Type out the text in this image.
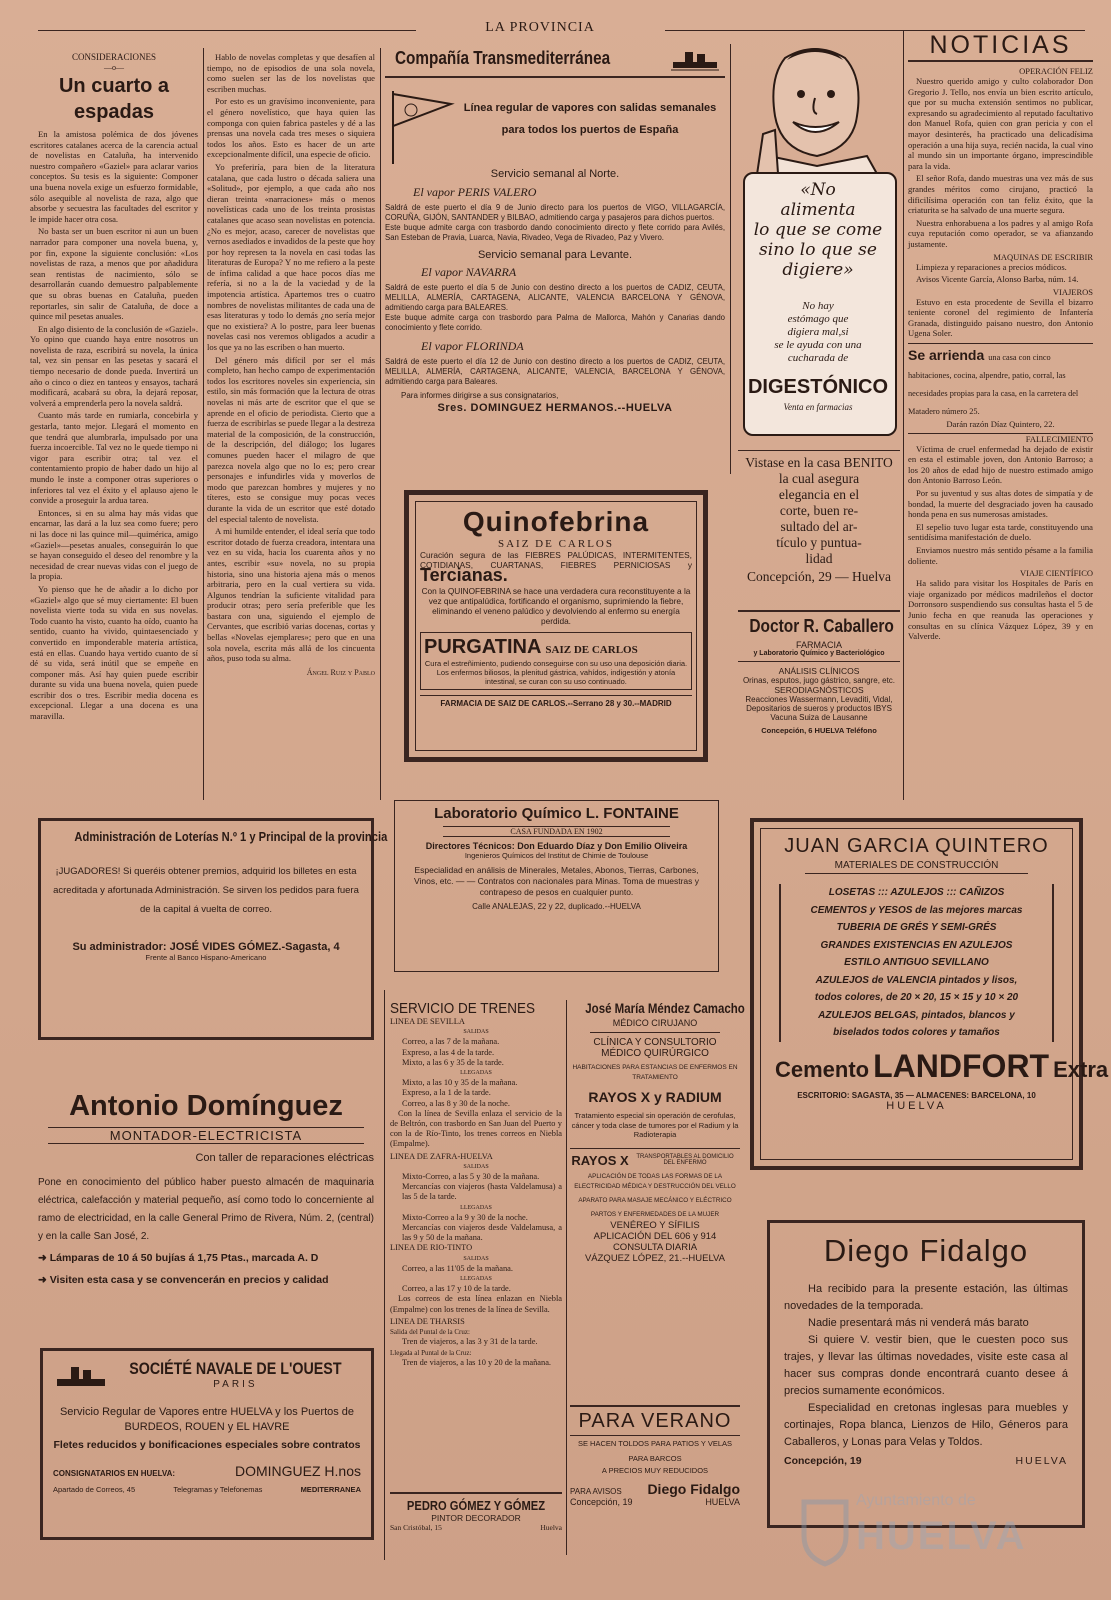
LA PROVINCIA
CONSIDERACIONES
—o—
Un cuarto a espadas

En la amistosa polémica de dos jóvenes escritores catalanes acerca de la carencia actual de novelistas en Cataluña, ha intervenido nuestro compañero «Gaziel» para aclarar varios conceptos. Su tesis es la siguiente: Componer una buena novela exige un esfuerzo formidable, sólo asequible al novelista de raza, algo que absorbe y secuestra las facultades del escritor y le impide hacer otra cosa.

No basta ser un buen escritor ni aun un buen narrador para componer una novela buena, y, por fin, expone la siguiente conclusión: «Los novelistas de raza, a menos que por añadidura sean rentistas de nacimiento, sólo se desarrollarán cuando demuestro palpablemente que su obras buenas en Cataluña, pueden reportarles, sin salir de Cataluña, de doce a quince mil pesetas anuales.

En algo disiento de la conclusión de «Gaziel». Yo opino que cuando haya entre nosotros un novelista de raza, escribirá su novela, la única tal, vez sin pensar en las pesetas y sacará el tiempo necesario de donde pueda. Invertirá un año o cinco o diez en tanteos y ensayos, tachará modificará, acabará su obra, la dejará reposar, volverá a emprenderla pero la novela saldrá.

Cuanto más tarde en rumiarla, concebirla y gestarla, tanto mejor. Llegará el momento en que tendrá que alumbrarla, impulsado por una fuerza incoercible. Tal vez no le quede tiempo ni vigor para escribir otra; tal vez el contentamiento propio de haber dado un hijo al mundo le inste a componer otras superiores o inferiores tal vez el éxito y el aplauso ajeno le convide a proseguir la ardua tarea.

Entonces, si en su alma hay más vidas que encarnar, las dará a la luz sea como fuere; pero ni las doce ni las quince mil—quimérica, amigo «Gaziel»—pesetas anuales, conseguirán lo que se hayan conseguido el deseo del renombre y la necesidad de crear nuevas vidas con el juego de la propia.

Yo pienso que he de añadir a lo dicho por «Gaziel» algo que sé muy ciertamente: El buen novelista vierte toda su vida en sus novelas. Todo cuanto ha visto, cuanto ha oído, cuanto ha sentido, cuanto ha vivido, quintaesenciado y convertido en imponderable materia artística, está en ellas. Cuando haya vertido cuanto de sí dé su vida, será inútil que se empeñe en componer más. Así hay quien puede escribir durante su vida una buena novela, quien puede escribir dos o tres. Escribir media docena es excepcional. Llegar a una docena es una maravilla.

Hablo de novelas completas y que desafíen al tiempo, no de episodios de una sola novela, como suelen ser las de los novelistas que escriben muchas.

Por esto es un gravísimo inconveniente, para el género novelístico, que haya quien las componga con quien fabrica pasteles y dé a las prensas una novela cada tres meses o siquiera todos los años. Esto es hacer de un arte excepcionalmente difícil, una especie de oficio.

Yo preferiría, para bien de la literatura catalana, que cada lustro o década saliera una «Solitud», por ejemplo, a que cada año nos dieran treinta «narraciones» más o menos novelísticas cada uno de los treinta prosistas catalanes que acaso sean novelistas en potencia. ¿No es mejor, acaso, carecer de novelistas que vernos asediados e invadidos de la peste que hoy por hoy represen ta la novela en casi todas las literaturas de Europa? Y no me refiero a la peste de ínfima calidad a que hace pocos días me refería, si no a la de la vaciedad y de la impotencia artística. Apartemos tres o cuatro nombres de novelistas militantes de cada una de esas literaturas y todo lo demás ¿no sería mejor que no existiera? A lo postre, para leer buenas novelas casi nos veremos obligados a acudir a los que ya no las escriben o han muerto.

Del género más difícil por ser el más completo, han hecho campo de experimentación todos los escritores noveles sin experiencia, sin estilo, sin más formación que la lectura de otras novelas ni más arte de escritor que el que se aprende en el oficio de periodista. Cierto que a fuerza de escribirlas se puede llegar a la destreza material de la composición, de la construcción, de la descripción, del diálogo; los lugares comunes pueden hacer el milagro de que parezca novela algo que no lo es; pero crear personajes e infundirles vida y moverlos de modo que parezcan hombres y mujeres y no títeres, esto se consigue muy pocas veces durante la vida de un escritor que esté dotado del especial talento de novelista.

A mi humilde entender, el ideal sería que todo escritor dotado de fuerza creadora, intentara una vez en su vida, hacia los cuarenta años y no antes, escribir «su» novela, no su propia historia, sino una historia ajena más o menos arbitraria, pero en la cual vertiera su vida. Algunos tendrían la suficiente vitalidad para producir otras; pero sería preferible que les bastara con una, siguiendo el ejemplo de Cervantes, que escribió varias docenas, cortas y bellas «Novelas ejemplares»; pero que en una sola novela, escrita más allá de los cincuenta años, puso toda su alma.

Ángel Ruiz y Pablo
Compañía Transmediterránea
Línea regular de vapores con salidas semanales
para todos los puertos de España
Servicio semanal al Norte.
El vapor PERIS VALERO
Saldrá de este puerto el día 9 de Junio directo para los puertos de VIGO, VILLAGARCÍA, CORUÑA, GIJÓN, SANTANDER y BILBAO, admitiendo carga y pasajeros para dichos puertos.
Este buque admite carga con trasbordo dando conocimiento directo y flete corrido para Avilés, San Esteban de Pravia, Luarca, Navia, Rivadeo, Vega de Rivadeo, Paz y Vivero.
Servicio semanal para Levante.
El vapor NAVARRA
Saldrá de este puerto el día 5 de Junio con destino directo a los puertos de CADIZ, CEUTA, MELILLA, ALMERÍA, CARTAGENA, ALICANTE, VALENCIA BARCELONA Y GÉNOVA, admitiendo carga para BALEARES.
Este buque admite carga con trasbordo para Palma de Mallorca, Mahón y Canarias dando conocimiento y flete corrido.
El vapor FLORINDA
Saldrá de este puerto el día 12 de Junio con destino directo a los puertos de CADIZ, CEUTA, MELILLA, ALMERÍA, CARTAGENA, ALICANTE, VALENCIA, BARCELONA Y GÉNOVA, admitiendo carga para Baleares.
Para informes dirigirse a sus consignatarios,
Sres. DOMINGUEZ HERMANOS.--HUELVA
«No
alimenta
lo que se come
sino lo que se
digiere»
No hay
estómago que
digiera mal,si
se le ayuda con una
cucharada de
DIGESTÓNICO
Venta en farmacias
NOTICIAS
OPERACIÓN FELIZ

Nuestro querido amigo y culto colaborador Don Gregorio J. Tello, nos envía un bien escrito artículo, que por su mucha extensión sentimos no publicar, expresando su agradecimiento al reputado facultativo don Manuel Rofa, quien con gran pericia y con el mayor desinterés, ha practicado una delicadísima operación a una hija suya, recién nacida, la cual vino al mundo sin un importante órgano, imprescindible para la vida.

El señor Rofa, dando muestras una vez más de sus grandes méritos como cirujano, practicó la dificilísima operación con tan feliz éxito, que la criaturita se ha salvado de una muerte segura.

Nuestra enhorabuena a los padres y al amigo Rofa cuya reputación como operador, se va afianzando justamente.

MAQUINAS DE ESCRIBIR

Limpieza y reparaciones a precios módicos.

Avisos Vicente García, Alonso Barba, núm. 14.

VIAJEROS

Estuvo en esta procedente de Sevilla el bizarro teniente coronel del regimiento de Infantería Granada, distinguido paisano nuestro, don Antonio Ugena Soler.

Se arrienda una casa con cinco habitaciones, cocina, alpendre, patio, corral, las necesidades propias para la casa, en la carretera del Matadero número 25.
Darán razón Díaz Quintero, 22.
FALLECIMIENTO

Víctima de cruel enfermedad ha dejado de existir en esta el estimable joven, don Antonio Barroso; a los 20 años de edad hijo de nuestro estimado amigo don Antonio Barroso León.

Por su juventud y sus altas dotes de simpatía y de bondad, la muerte del desgraciado joven ha causado honda pena en sus numerosas amistades.

El sepelio tuvo lugar esta tarde, constituyendo una sentidísima manifestación de duelo.

Enviamos nuestro más sentido pésame a la familia doliente.

VIAJE CIENTÍFICO

Ha salido para visitar los Hospitales de París en viaje organizado por médicos madrileños el doctor Dorronsoro suspendiendo sus consultas hasta el 5 de Junio fecha en que reanuda las operaciones y consultas en su clínica Vázquez López, 39 y en Valverde.

Vistase en la casa BENITO
la cual asegura
elegancia en el
corte, buen re-
sultado del ar-
tículo y puntua-
lidad
Concepción, 29 — Huelva
Doctor R. Caballero
FARMACIA
y Laboratorio Químico y Bacteriológico
ANÁLISIS CLÍNICOS
Orinas, esputos, jugo gástrico, sangre, etc.
SERODIAGNÓSTICOS
Reacciones Wassermann, Levaditi, Vidal, Depositarios de sueros y productos IBYS
Vacuna Suiza de Lausanne
Concepción, 6 HUELVA Teléfono
Quinofebrina
SAIZ DE CARLOS
Curación segura de las FIEBRES PALÚDICAS, INTERMITENTES, COTIDIANAS, CUARTANAS, FIEBRES PERNICIOSAS y Tercianas.
Con la QUINOFEBRINA se hace una verdadera cura reconstituyente a la vez que antipalúdica, fortificando el organismo, suprimiendo la fiebre, eliminando el veneno palúdico y devolviendo al enfermo su energía perdida.
PURGATINA SAIZ DE CARLOS
Cura el estreñimiento, pudiendo conseguirse con su uso una deposición diaria. Los enfermos biliosos, la plenitud gástrica, vahídos, indigestión y atonía intestinal, se curan con su uso continuado.
FARMACIA DE SAIZ DE CARLOS.--Serrano 28 y 30.--MADRID
Laboratorio Químico L. FONTAINE
CASA FUNDADA EN 1902
Directores Técnicos: Don Eduardo Díaz y Don Emilio Oliveira
Ingenieros Químicos del Institut de Chimie de Toulouse
Especialidad en análisis de Minerales, Metales, Abonos, Tierras, Carbones, Vinos, etc. — — Contratos con nacionales para Minas. Toma de muestras y contrapeso de pesos en cualquier punto.
Calle ANALEJAS, 22 y 22, duplicado.--HUELVA
Administración de Loterías N.º 1 y Principal de la provincia
¡JUGADORES! Si queréis obtener premios, adquirid los billetes en esta acreditada y afortunada Administración. Se sirven los pedidos para fuera de la capital á vuelta de correo.
Su administrador: JOSÉ VIDES GÓMEZ.-Sagasta, 4
Frente al Banco Hispano-Americano
Antonio Domínguez
MONTADOR-ELECTRICISTA
Con taller de reparaciones eléctricas
Pone en conocimiento del público haber puesto almacén de maquinaria eléctrica, calefacción y material pequeño, así como todo lo concerniente al ramo de electricidad, en la calle General Primo de Rivera, Núm. 2, (central) y en la calle San José, 2.
➜ Lámparas de 10 á 50 bujías á 1,75 Ptas., marcada A. D
➜ Visiten esta casa y se convencerán en precios y calidad
SOCIÉTÉ NAVALE DE L'OUEST
PARIS
Servicio Regular de Vapores entre HUELVA y los Puertos de BURDEOS, ROUEN y EL HAVRE
Fletes reducidos y bonificaciones especiales sobre contratos
CONSIGNATARIOS EN HUELVA:	DOMINGUEZ H.nos
Apartado de Correos, 45	Telegramas y Telefonemas	MEDITERRANEA
SERVICIO DE TRENES
LINEA DE SEVILLA
SALIDAS
Correo, a las 7 de la mañana.
Expreso, a las 4 de la tarde.
Mixto, a las 6 y 35 de la tarde.
LLEGADAS
Mixto, a las 10 y 35 de la mañana.
Expreso, a la 1 de la tarde.
Correo, a las 8 y 30 de la noche.

Con la línea de Sevilla enlaza el servicio de la de Beltrón, con trasbordo en San Juan del Puerto y con la de Río-Tinto, los trenes correos en Niebla (Empalme).

LINEA DE ZAFRA-HUELVA
SALIDAS
Mixto-Correo, a las 5 y 30 de la mañana.
Mercancías con viajeros (hasta Valdelamusa) a las 5 de la tarde.
LLEGADAS
Mixto-Correo a la 9 y 30 de la noche.
Mercancías con viajeros desde Valdelamusa, a las 9 y 50 de la mañana.
LINEA DE RIO-TINTO
SALIDAS
Correo, a las 11'05 de la mañana.
LLEGADAS
Correo, a las 17 y 10 de la tarde.

Los correos de esta línea enlazan en Niebla (Empalme) con los trenes de la línea de Sevilla.

LINEA DE THARSIS
Salida del Puntal de la Cruz:
Tren de viajeros, a las 3 y 31 de la tarde.
Llegada al Puntal de la Cruz:
Tren de viajeros, a las 10 y 20 de la mañana.
PEDRO GÓMEZ Y GÓMEZ
PINTOR DECORADOR
San Cristóbal, 15	Huelva
José María Méndez Camacho
MÉDICO CIRUJANO
CLÍNICA Y CONSULTORIO
MÉDICO QUIRÚRGICO
HABITACIONES PARA ESTANCIAS DE ENFERMOS EN TRATAMIENTO
RAYOS X y RADIUM
Tratamiento especial sin operación de cerofulas, cáncer y toda clase de tumores por el Radium y la Radioterapia
RAYOS X	TRANSPORTABLES AL DOMICILIO DEL ENFERMO
APLICACIÓN DE TODAS LAS FORMAS DE LA ELECTRICIDAD MÉDICA Y DESTRUCCIÓN DEL VELLO
APARATO PARA MASAJE MECÁNICO Y ELÉCTRICO
PARTOS Y ENFERMEDADES DE LA MUJER
VENÉREO Y SÍFILIS
APLICACIÓN DEL 606 y 914
CONSULTA DIARIA
VÁZQUEZ LÓPEZ, 21.--HUELVA
PARA VERANO
SE HACEN TOLDOS PARA PATIOS Y VELAS PARA BARCOS
A PRECIOS MUY REDUCIDOS
PARA AVISOS Diego Fidalgo
Concepción, 19	HUELVA
JUAN GARCIA QUINTERO
MATERIALES DE CONSTRUCCIÓN
LOSETAS ::: AZULEJOS ::: CAÑIZOS
CEMENTOS y YESOS de las mejores marcas
TUBERIA DE GRÉS Y SEMI-GRÉS
GRANDES EXISTENCIAS EN AZULEJOS
ESTILO ANTIGUO SEVILLANO
AZULEJOS de VALENCIA pintados y lisos,
todos colores, de 20 × 20, 15 × 15 y 10 × 20
AZULEJOS BELGAS, pintados, blancos y
biselados todos colores y tamaños
Cemento LANDFORT Extra
ESCRITORIO: SAGASTA, 35 — ALMACENES: BARCELONA, 10
HUELVA
Diego Fidalgo
Ha recibido para la presente estación, las últimas novedades de la temporada.
Nadie presentará más ni venderá más barato
Si quiere V. vestir bien, que le cuesten poco sus trajes, y llevar las últimas novedades, visite este casa al hacer sus compras donde encontrará cuanto desee á precios sumamente económicos.
Especialidad en cretonas inglesas para muebles y cortinajes, Ropa blanca, Lienzos de Hilo, Géneros para Caballeros, y Lonas para Velas y Toldos.
Concepción, 19	HUELVA
Ayuntamiento de
HUELVA
